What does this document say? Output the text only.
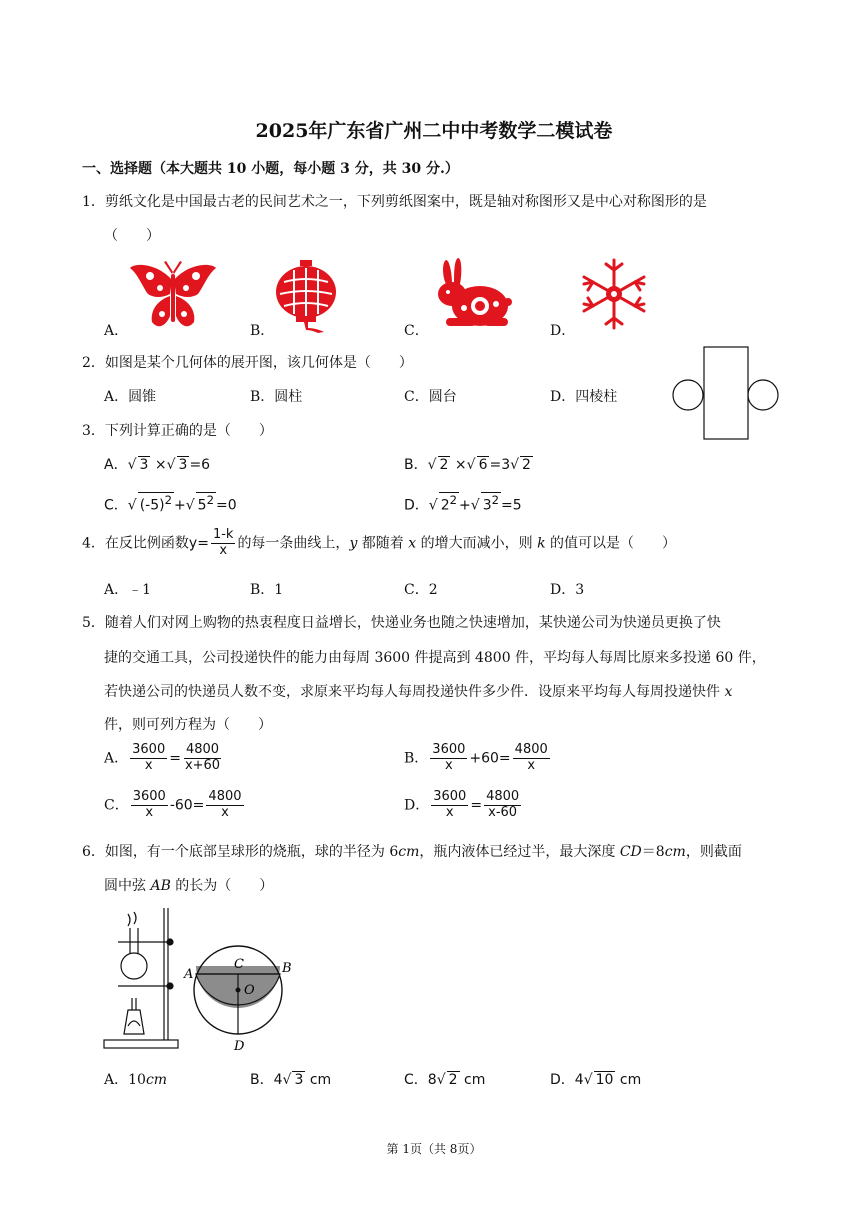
2025年广东省广州二中中考数学二模试卷
一、选择题（本大题共 10 小题，每小题 3 分，共 30 分.）
1．剪纸文化是中国最古老的民间艺术之一，下列剪纸图案中，既是轴对称图形又是中心对称图形的是
（　　）
A．	B．	C．	D．
2．如图是某个几何体的展开图，该几何体是（　　）
A．圆锥	B．圆柱	C．圆台	D．四棱柱
3．下列计算正确的是（　　）
A．√ 3 ×√ 3 =6	B．√ 2 ×√ 6 =3√ 2
C．√ $(-5)^2$ +√ $5^2 =0$	D．√ $2^2$ +√ $3^2 =5$
4．在反比例函数$y= \frac{1-k}{x}$ 的每一条曲线上，y 都随着 x 的增大而减小，则 k 的值可以是（　　）
A．﹣1	B．1	C．2	D．3
5．随着人们对网上购物的热衷程度日益增长，快递业务也随之快速增加，某快递公司为快递员更换了快
捷的交通工具，公司投递快件的能力由每周 3600 件提高到 4800 件，平均每人每周比原来多投递 60 件，
若快递公司的快递员人数不变，求原来平均每人每周投递快件多少件．设原来平均每人每周投递快件 x
件，则可列方程为（　　）
A． $\frac{3600}{x} = \frac{4800}{x+60}$	B． $\frac{3600}{x} +60= \frac{4800}{x}$
C． $\frac{3600}{x} -60= \frac{4800}{x}$	D． $\frac{3600}{x} = \frac{4800}{x-60}$
6．如图，有一个底部呈球形的烧瓶，球的半径为 6cm，瓶内液体已经过半，最大深度 CD＝8cm，则截面
圆中弦 AB 的长为（　　）
A	B
C
O
D
A．10cm	B．4√ 3 cm	C．8√ 2 cm	D．4√ 10 cm
第 1页（共 8页）
